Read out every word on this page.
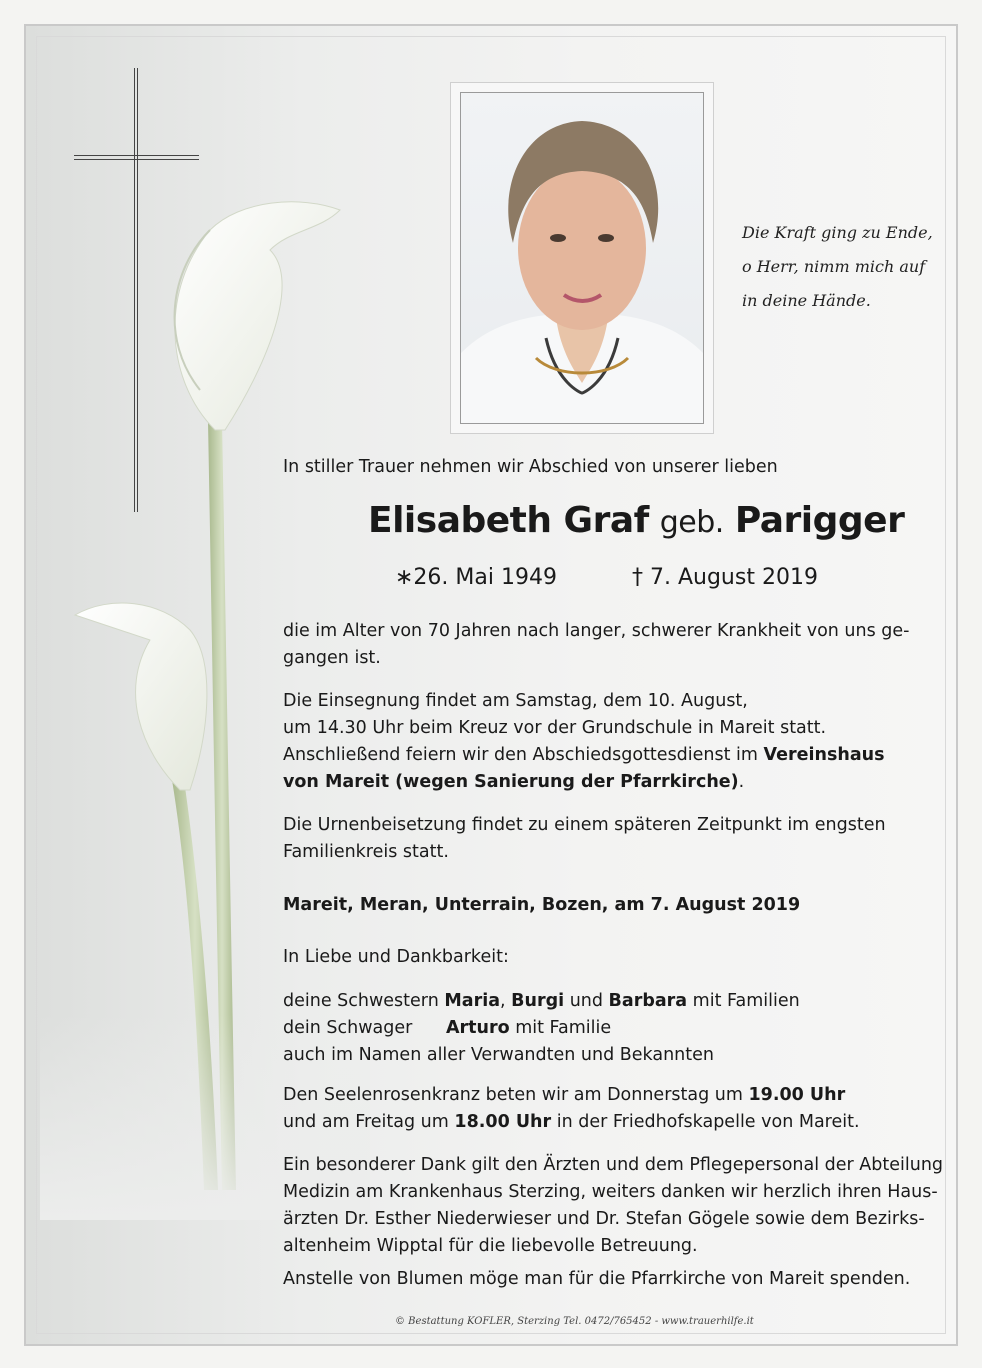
Die Kraft ging zu Ende,
o Herr, nimm mich auf
in deine Hände.
In stiller Trauer nehmen wir Abschied von unserer lieben
Elisabeth Graf geb. Parigger
∗26. Mai 1949	† 7. August 2019
die im Alter von 70 Jahren nach langer, schwerer Krankheit von uns ge-
gangen ist.
Die Einsegnung findet am Samstag, dem 10. August,
um 14.30 Uhr beim Kreuz vor der Grundschule in Mareit statt.
Anschließend feiern wir den Abschiedsgottesdienst im Vereinshaus
von Mareit (wegen Sanierung der Pfarrkirche).
Die Urnenbeisetzung findet zu einem späteren Zeitpunkt im engsten
Familienkreis statt.
Mareit, Meran, Unterrain, Bozen, am 7. August 2019
In Liebe und Dankbarkeit:
deine Schwestern Maria, Burgi und Barbara mit Familien
dein Schwager Arturo mit Familie
auch im Namen aller Verwandten und Bekannten
Den Seelenrosenkranz beten wir am Donnerstag um 19.00 Uhr
und am Freitag um 18.00 Uhr in der Friedhofskapelle von Mareit.
Ein besonderer Dank gilt den Ärzten und dem Pflegepersonal der Abteilung
Medizin am Krankenhaus Sterzing, weiters danken wir herzlich ihren Haus-
ärzten Dr. Esther Niederwieser und Dr. Stefan Gögele sowie dem Bezirks-
altenheim Wipptal für die liebevolle Betreuung.
Anstelle von Blumen möge man für die Pfarrkirche von Mareit spenden.
© Bestattung KOFLER, Sterzing Tel. 0472/765452 - www.trauerhilfe.it
